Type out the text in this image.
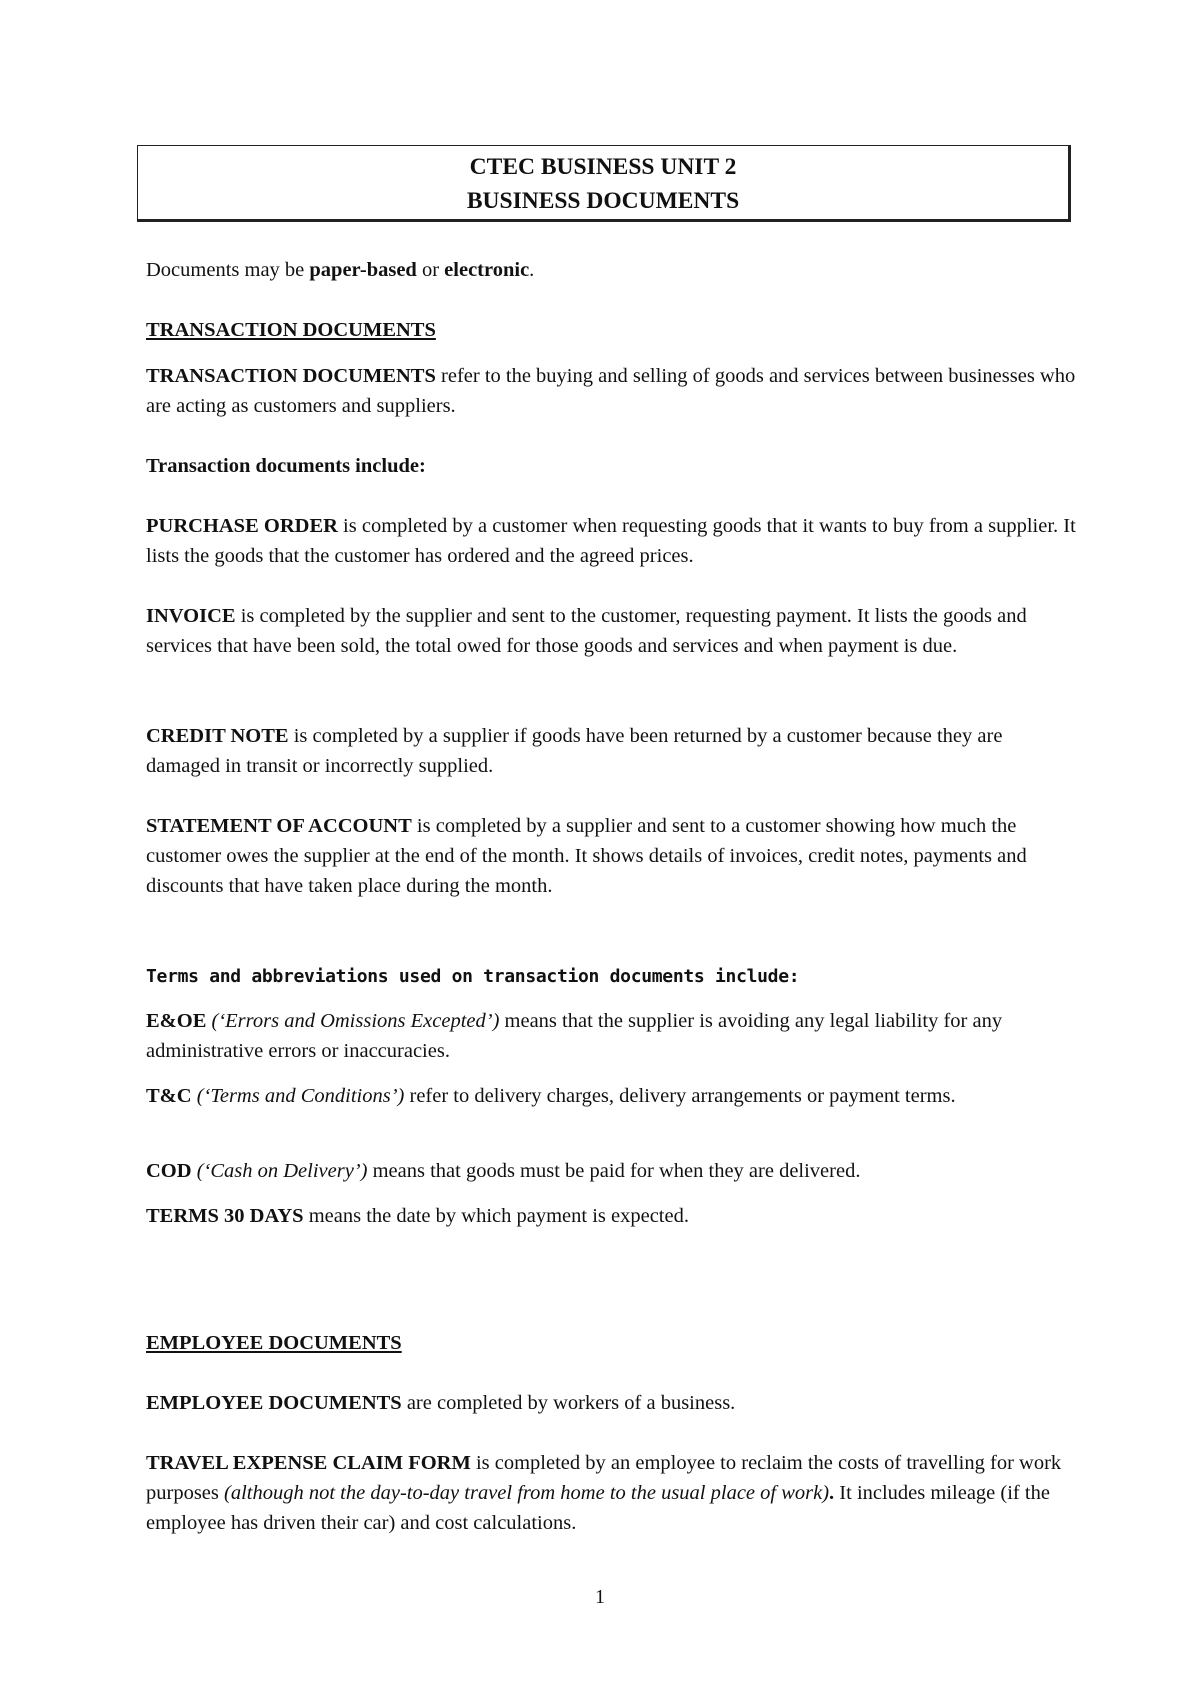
CTEC BUSINESS UNIT 2
BUSINESS DOCUMENTS
Documents may be paper-based or electronic.
TRANSACTION DOCUMENTS
TRANSACTION DOCUMENTS refer to the buying and selling of goods and services between businesses who are acting as customers and suppliers.
Transaction documents include:
PURCHASE ORDER is completed by a customer when requesting goods that it wants to buy from a supplier. It lists the goods that the customer has ordered and the agreed prices.
INVOICE is completed by the supplier and sent to the customer, requesting payment. It lists the goods and services that have been sold, the total owed for those goods and services and when payment is due.
CREDIT NOTE is completed by a supplier if goods have been returned by a customer because they are damaged in transit or incorrectly supplied.
STATEMENT OF ACCOUNT is completed by a supplier and sent to a customer showing how much the customer owes the supplier at the end of the month. It shows details of invoices, credit notes, payments and discounts that have taken place during the month.
Terms and abbreviations used on transaction documents include:
E&OE (‘Errors and Omissions Excepted’) means that the supplier is avoiding any legal liability for any administrative errors or inaccuracies.
T&C (‘Terms and Conditions’) refer to delivery charges, delivery arrangements or payment terms.
COD (‘Cash on Delivery’) means that goods must be paid for when they are delivered.
TERMS 30 DAYS means the date by which payment is expected.
EMPLOYEE DOCUMENTS
EMPLOYEE DOCUMENTS are completed by workers of a business.
TRAVEL EXPENSE CLAIM FORM is completed by an employee to reclaim the costs of travelling for work purposes (although not the day-to-day travel from home to the usual place of work). It includes mileage (if the employee has driven their car) and cost calculations.
1
